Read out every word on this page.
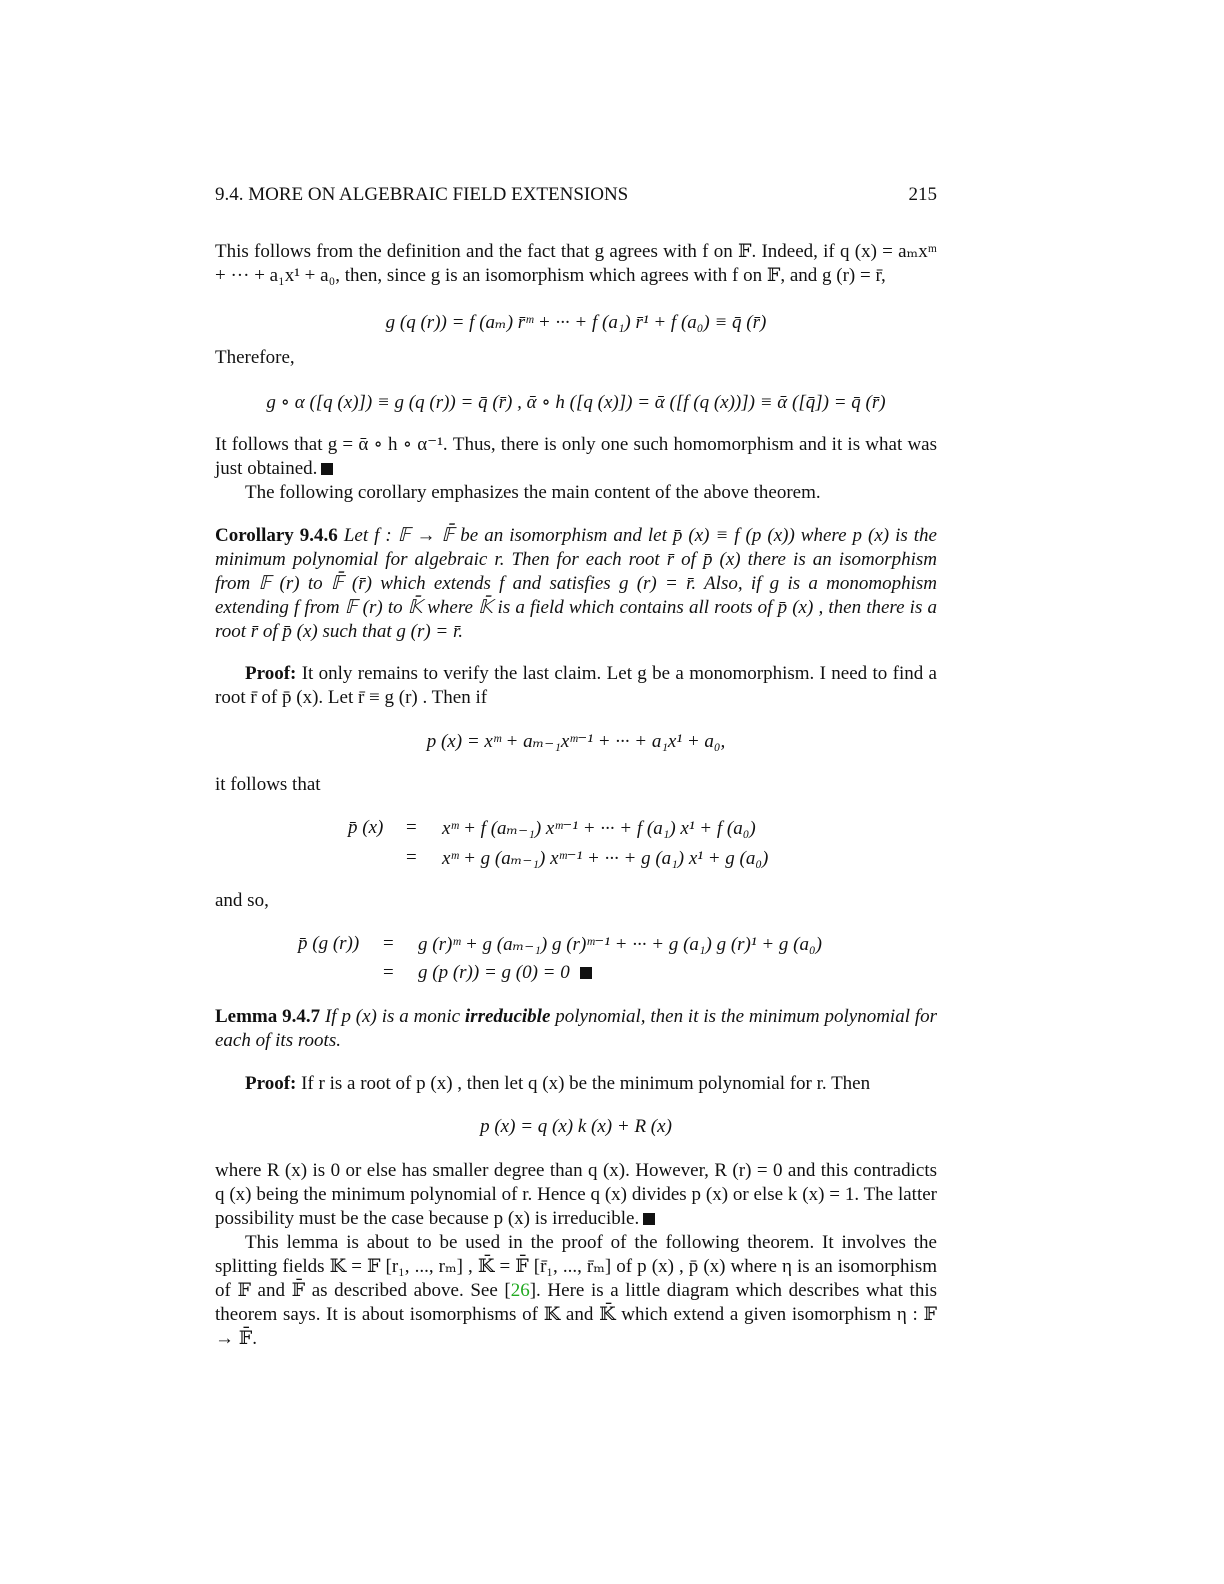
9.4. MORE ON ALGEBRAIC FIELD EXTENSIONS	215
This follows from the definition and the fact that g agrees with f on 𝔽. Indeed, if q (x) = aₘxᵐ + ··· + a₁x¹ + a₀, then, since g is an isomorphism which agrees with f on 𝔽, and g (r) = r̄,
g (q (r)) = f (aₘ) r̄ᵐ + ··· + f (a₁) r̄¹ + f (a₀) ≡ q̄ (r̄)
Therefore,
g ∘ α ([q (x)]) ≡ g (q (r)) = q̄ (r̄) , ᾱ ∘ h ([q (x)]) = ᾱ ([f (q (x))]) ≡ ᾱ ([q̄]) = q̄ (r̄)
It follows that g = ᾱ ∘ h ∘ α⁻¹. Thus, there is only one such homomorphism and it is what was just obtained.
The following corollary emphasizes the main content of the above theorem.
Corollary 9.4.6 Let f : 𝔽 → 𝔽̄ be an isomorphism and let p̄ (x) ≡ f (p (x)) where p (x) is the minimum polynomial for algebraic r. Then for each root r̄ of p̄ (x) there is an isomorphism from 𝔽 (r) to 𝔽̄ (r̄) which extends f and satisfies g (r) = r̄. Also, if g is a monomophism extending f from 𝔽 (r) to 𝕂̄ where 𝕂̄ is a field which contains all roots of p̄ (x) , then there is a root r̄ of p̄ (x) such that g (r) = r̄.
Proof: It only remains to verify the last claim. Let g be a monomorphism. I need to find a root r̄ of p̄ (x). Let r̄ ≡ g (r) . Then if
p (x) = xᵐ + aₘ₋₁xᵐ⁻¹ + ··· + a₁x¹ + a₀,
it follows that
p̄ (x) = xᵐ + f (aₘ₋₁) xᵐ⁻¹ + ··· + f (a₁) x¹ + f (a₀)
= xᵐ + g (aₘ₋₁) xᵐ⁻¹ + ··· + g (a₁) x¹ + g (a₀)
and so,
p̄ (g (r)) = g (r)ᵐ + g (aₘ₋₁) g (r)ᵐ⁻¹ + ··· + g (a₁) g (r)¹ + g (a₀)
= g (p (r)) = g (0) = 0
Lemma 9.4.7 If p (x) is a monic irreducible polynomial, then it is the minimum polynomial for each of its roots.
Proof: If r is a root of p (x) , then let q (x) be the minimum polynomial for r. Then
p (x) = q (x) k (x) + R (x)
where R (x) is 0 or else has smaller degree than q (x). However, R (r) = 0 and this contradicts q (x) being the minimum polynomial of r. Hence q (x) divides p (x) or else k (x) = 1. The latter possibility must be the case because p (x) is irreducible.
This lemma is about to be used in the proof of the following theorem. It involves the splitting fields 𝕂 = 𝔽 [r₁, ..., rₘ] , 𝕂̄ = 𝔽̄ [r̄₁, ..., r̄ₘ] of p (x) , p̄ (x) where η is an isomorphism of 𝔽 and 𝔽̄ as described above. See [26]. Here is a little diagram which describes what this theorem says. It is about isomorphisms of 𝕂 and 𝕂̄ which extend a given isomorphism η : 𝔽 → 𝔽̄.
